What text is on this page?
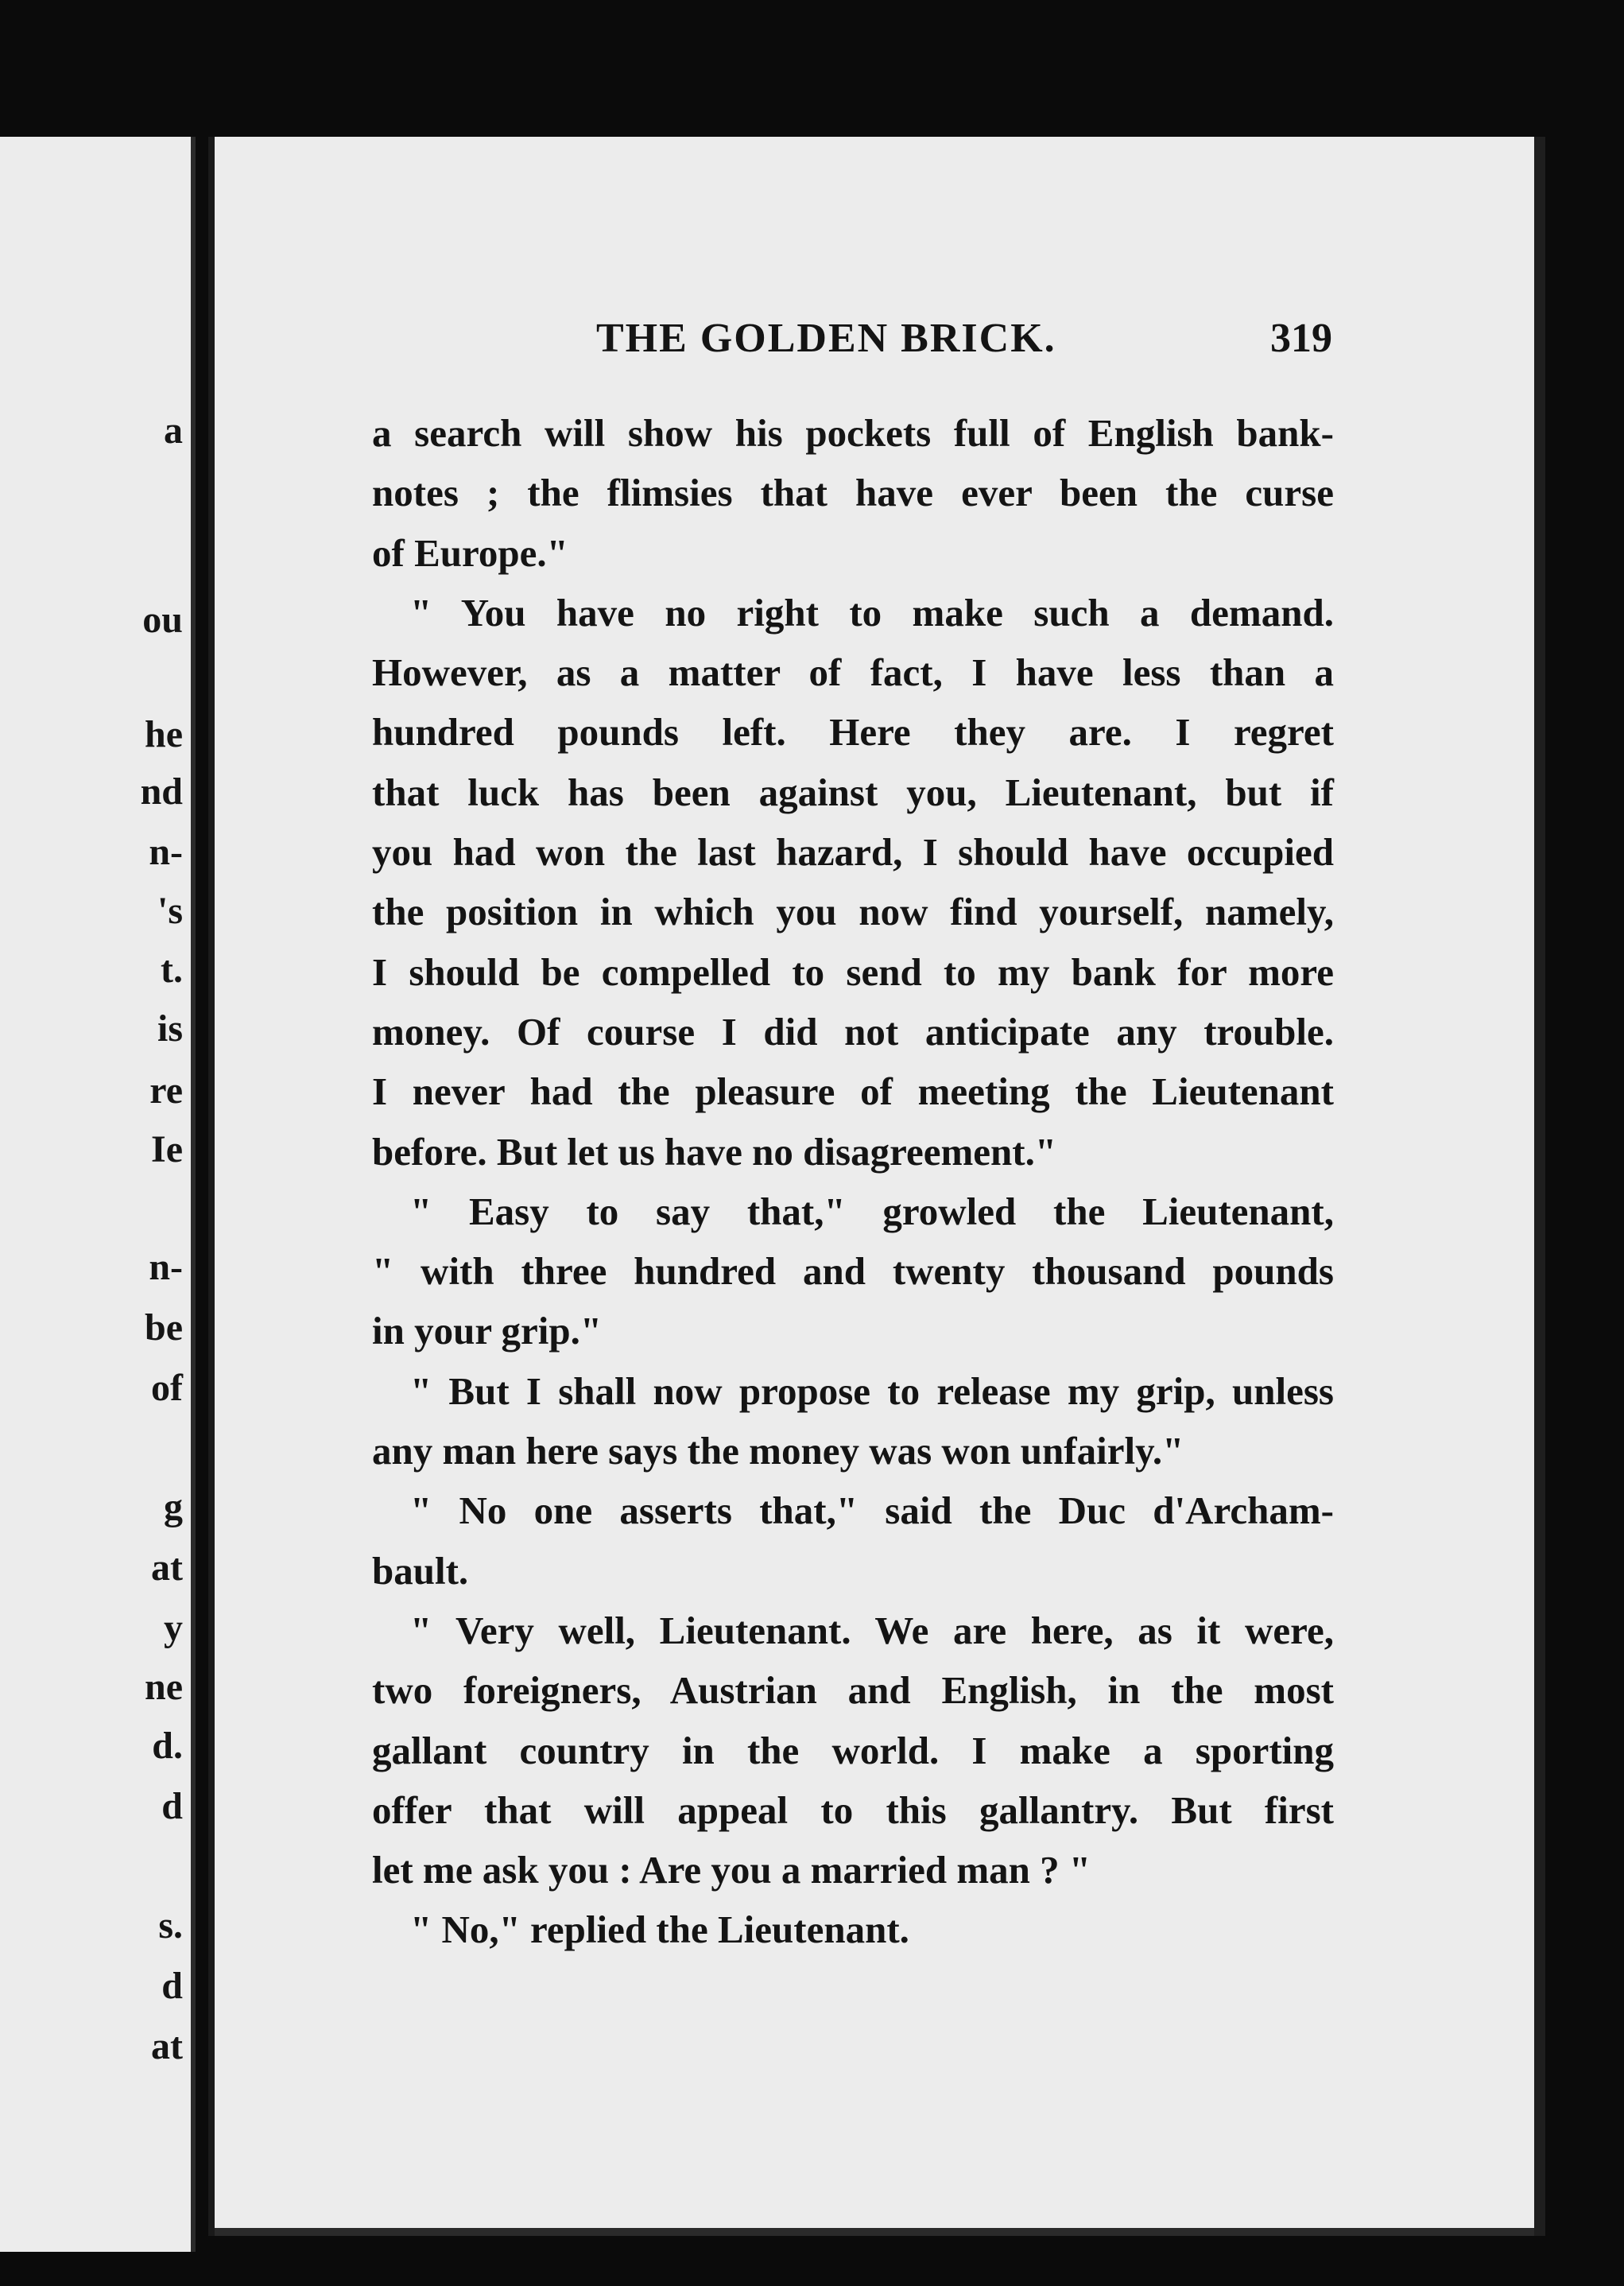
a
ou
he
nd
n-
's
t.
is
re
Ie
n-
be
of
g
at
y
ne
d.
d
s.
d
at
THE GOLDEN BRICK.	319
a search will show his pockets full of English bank-
notes ; the flimsies that have ever been the curse
of Europe."
" You have no right to make such a demand.
However, as a matter of fact, I have less than a
hundred pounds left. Here they are. I regret
that luck has been against you, Lieutenant, but if
you had won the last hazard, I should have occupied
the position in which you now find yourself, namely,
I should be compelled to send to my bank for more
money. Of course I did not anticipate any trouble.
I never had the pleasure of meeting the Lieutenant
before. But let us have no disagreement."
" Easy to say that," growled the Lieutenant,
" with three hundred and twenty thousand pounds
in your grip."
" But I shall now propose to release my grip, unless
any man here says the money was won unfairly."
" No one asserts that," said the Duc d'Archam-
bault.
" Very well, Lieutenant. We are here, as it were,
two foreigners, Austrian and English, in the most
gallant country in the world. I make a sporting
offer that will appeal to this gallantry. But first
let me ask you : Are you a married man ? "
" No," replied the Lieutenant.
